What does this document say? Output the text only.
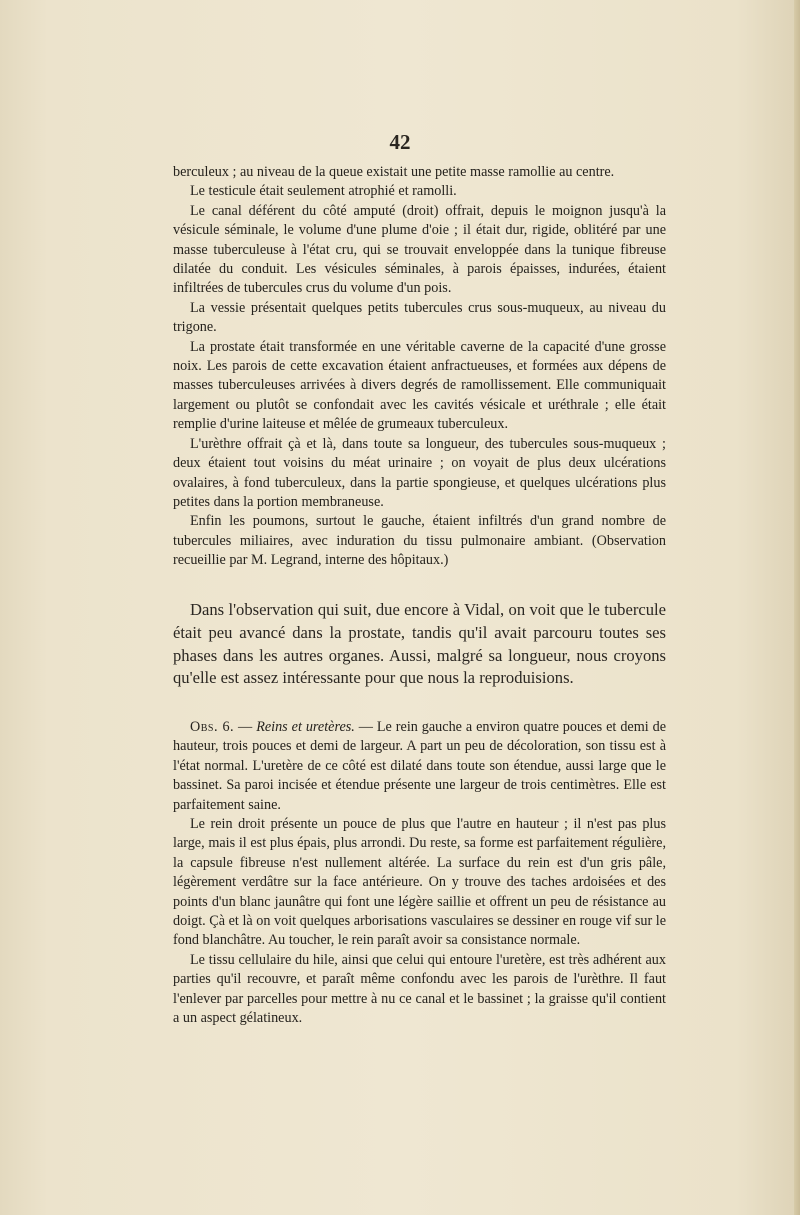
42

berculeux ; au niveau de la queue existait une petite masse ramollie au centre.

Le testicule était seulement atrophié et ramolli.

Le canal déférent du côté amputé (droit) offrait, depuis le moignon jusqu'à la vésicule séminale, le volume d'une plume d'oie ; il était dur, rigide, oblitéré par une masse tuberculeuse à l'état cru, qui se trouvait enveloppée dans la tunique fibreuse dilatée du conduit. Les vésicules séminales, à parois épaisses, indurées, étaient infiltrées de tubercules crus du volume d'un pois.

La vessie présentait quelques petits tubercules crus sous-muqueux, au niveau du trigone.

La prostate était transformée en une véritable caverne de la capacité d'une grosse noix. Les parois de cette excavation étaient anfractueuses, et formées aux dépens de masses tuberculeuses arrivées à divers degrés de ramollissement. Elle communiquait largement ou plutôt se confondait avec les cavités vésicale et uréthrale ; elle était remplie d'urine laiteuse et mêlée de grumeaux tuberculeux.

L'urèthre offrait çà et là, dans toute sa longueur, des tubercules sous-muqueux ; deux étaient tout voisins du méat urinaire ; on voyait de plus deux ulcérations ovalaires, à fond tuberculeux, dans la partie spongieuse, et quelques ulcérations plus petites dans la portion membraneuse.

Enfin les poumons, surtout le gauche, étaient infiltrés d'un grand nombre de tubercules miliaires, avec induration du tissu pulmonaire ambiant. (Observation recueillie par M. Legrand, interne des hôpitaux.)

Dans l'observation qui suit, due encore à Vidal, on voit que le tubercule était peu avancé dans la prostate, tandis qu'il avait parcouru toutes ses phases dans les autres organes. Aussi, malgré sa longueur, nous croyons qu'elle est assez intéressante pour que nous la reproduisions.

Obs. 6. — Reins et uretères. — Le rein gauche a environ quatre pouces et demi de hauteur, trois pouces et demi de largeur. A part un peu de décoloration, son tissu est à l'état normal. L'uretère de ce côté est dilaté dans toute son étendue, aussi large que le bassinet. Sa paroi incisée et étendue présente une largeur de trois centimètres. Elle est parfaitement saine.

Le rein droit présente un pouce de plus que l'autre en hauteur ; il n'est pas plus large, mais il est plus épais, plus arrondi. Du reste, sa forme est parfaitement régulière, la capsule fibreuse n'est nullement altérée. La surface du rein est d'un gris pâle, légèrement verdâtre sur la face antérieure. On y trouve des taches ardoisées et des points d'un blanc jaunâtre qui font une légère saillie et offrent un peu de résistance au doigt. Çà et là on voit quelques arborisations vasculaires se dessiner en rouge vif sur le fond blanchâtre. Au toucher, le rein paraît avoir sa consistance normale.

Le tissu cellulaire du hile, ainsi que celui qui entoure l'uretère, est très adhérent aux parties qu'il recouvre, et paraît même confondu avec les parois de l'urèthre. Il faut l'enlever par parcelles pour mettre à nu ce canal et le bassinet ; la graisse qu'il contient a un aspect gélatineux.
